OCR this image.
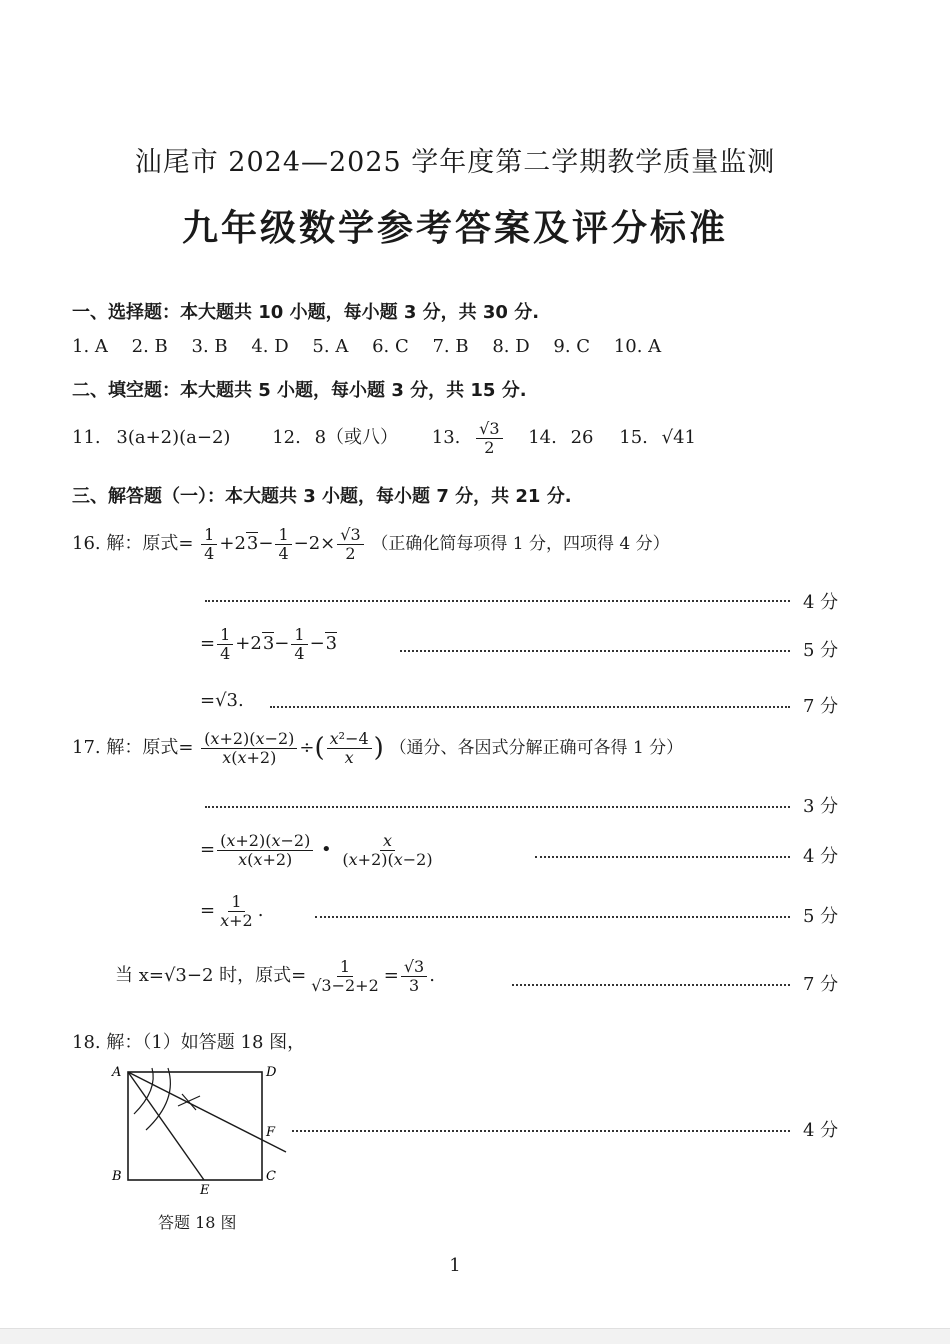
汕尾市 2024—2025 学年度第二学期教学质量监测
九年级数学参考答案及评分标准
一、选择题：本大题共 10 小题，每小题 3 分，共 30 分.
1. A 2. B 3. B 4. D 5. A 6. C 7. B 8. D 9. C 10. A
二、填空题：本大题共 5 小题，每小题 3 分，共 15 分.
11. 3(a+2)(a−2) 12. 8（或八） 13. $\frac{√3}{2} 14$. 26 15. √41
三、解答题（一）：本大题共 3 小题，每小题 7 分，共 21 分.
16. 解：原式= $\frac{1}{4} +23- \frac{1}{4} -2\times \frac{√3}{2}$ （正确化简每项得 1 分，四项得 4 分）
4 分
= $\frac{1}{4} +23- \frac{1}{4} -3$	5 分
=√3.	7 分
17. 解：原式= $\frac{(x+2)(x-2)}{x(x+2)}$ ÷( $\frac{\text{x²−4}}{x}$ ) （通分、各因式分解正确可各得 1 分）
3 分
= $\frac{(x+2)(x-2)}{x(x+2)}$ • $\frac{x}{(x+2)(x-2)}$	4 分
= $\frac{1}{x+2}$ .	5 分
当 x=√3−2 时，原式= $\frac{1}{√3-2+2} = \frac{√3}{3}$ .	7 分
18. 解：（1）如答题 18 图，
A	D
B	C
E
F	4 分
答题 18 图
1
